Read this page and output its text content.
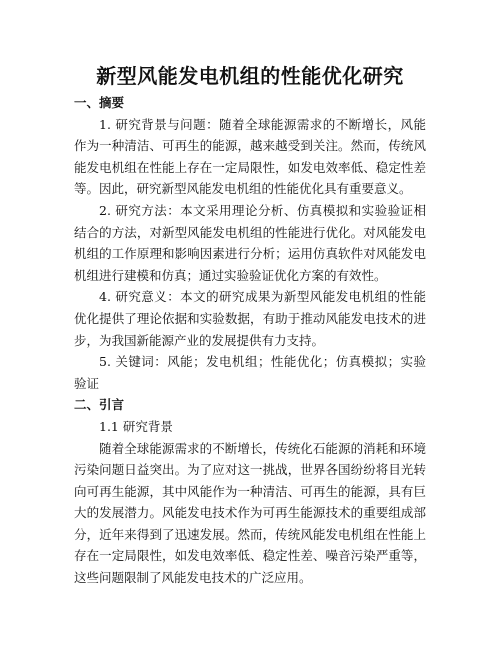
新型风能发电机组的性能优化研究

一、摘要

1. 研究背景与问题：随着全球能源需求的不断增长，风能作为一种清洁、可再生的能源，越来越受到关注。然而，传统风能发电机组在性能上存在一定局限性，如发电效率低、稳定性差等。因此，研究新型风能发电机组的性能优化具有重要意义。

2. 研究方法：本文采用理论分析、仿真模拟和实验验证相结合的方法，对新型风能发电机组的性能进行优化。对风能发电机组的工作原理和影响因素进行分析；运用仿真软件对风能发电机组进行建模和仿真；通过实验验证优化方案的有效性。

4. 研究意义：本文的研究成果为新型风能发电机组的性能优化提供了理论依据和实验数据，有助于推动风能发电技术的进步，为我国新能源产业的发展提供有力支持。

5. 关键词：风能；发电机组；性能优化；仿真模拟；实验验证

二、引言

1.1 研究背景

随着全球能源需求的不断增长，传统化石能源的消耗和环境污染问题日益突出。为了应对这一挑战，世界各国纷纷将目光转向可再生能源，其中风能作为一种清洁、可再生的能源，具有巨大的发展潜力。风能发电技术作为可再生能源技术的重要组成部分，近年来得到了迅速发展。然而，传统风能发电机组在性能上存在一定局限性，如发电效率低、稳定性差、噪音污染严重等，这些问题限制了风能发电技术的广泛应用。
